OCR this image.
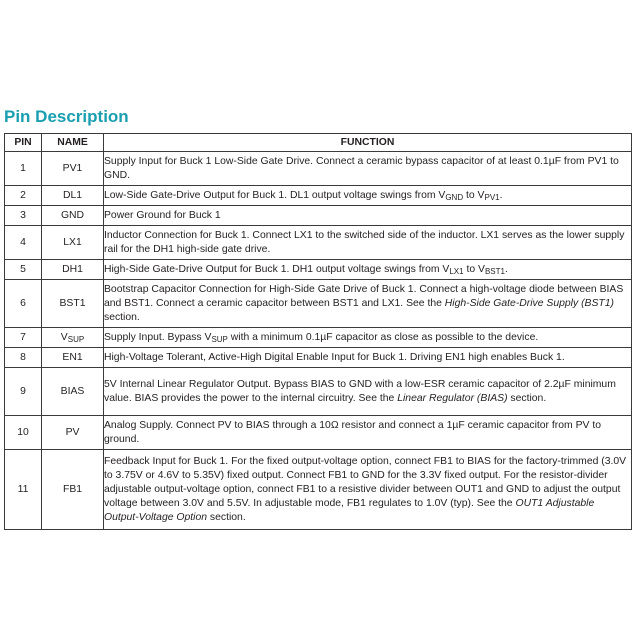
Pin Description
PIN	NAME	FUNCTION
1	PV1	Supply Input for Buck 1 Low-Side Gate Drive. Connect a ceramic bypass capacitor of at least 0.1µF from PV1 to GND.
2	DL1	Low-Side Gate-Drive Output for Buck 1. DL1 output voltage swings from $V_{GND}$ to $V_{PV1}$.
3	GND	Power Ground for Buck 1
4	LX1	Inductor Connection for Buck 1. Connect LX1 to the switched side of the inductor. LX1 serves as the lower supply rail for the DH1 high-side gate drive.
5	DH1	High-Side Gate-Drive Output for Buck 1. DH1 output voltage swings from $V_{LX1}$ to $V_{BST1}$.
6	BST1	Bootstrap Capacitor Connection for High-Side Gate Drive of Buck 1. Connect a high-voltage diode between BIAS and BST1. Connect a ceramic capacitor between BST1 and LX1. See the High-Side Gate-Drive Supply (BST1) section.
7	$V_{SUP}$	Supply Input. Bypass $V_{SUP}$ with a minimum 0.1µF capacitor as close as possible to the device.
8	EN1	High-Voltage Tolerant, Active-High Digital Enable Input for Buck 1. Driving EN1 high enables Buck 1.
9	BIAS	5V Internal Linear Regulator Output. Bypass BIAS to GND with a low-ESR ceramic capacitor of 2.2µF minimum value. BIAS provides the power to the internal circuitry. See the Linear Regulator (BIAS) section.
10	PV	Analog Supply. Connect PV to BIAS through a 10Ω resistor and connect a 1µF ceramic capacitor from PV to ground.
11	FB1	Feedback Input for Buck 1. For the fixed output-voltage option, connect FB1 to BIAS for the factory-trimmed (3.0V to 3.75V or 4.6V to 5.35V) fixed output. Connect FB1 to GND for the 3.3V fixed output. For the resistor-divider adjustable output-voltage option, connect FB1 to a resistive divider between OUT1 and GND to adjust the output voltage between 3.0V and 5.5V. In adjustable mode, FB1 regulates to 1.0V (typ). See the OUT1 Adjustable Output-Voltage Option section.
